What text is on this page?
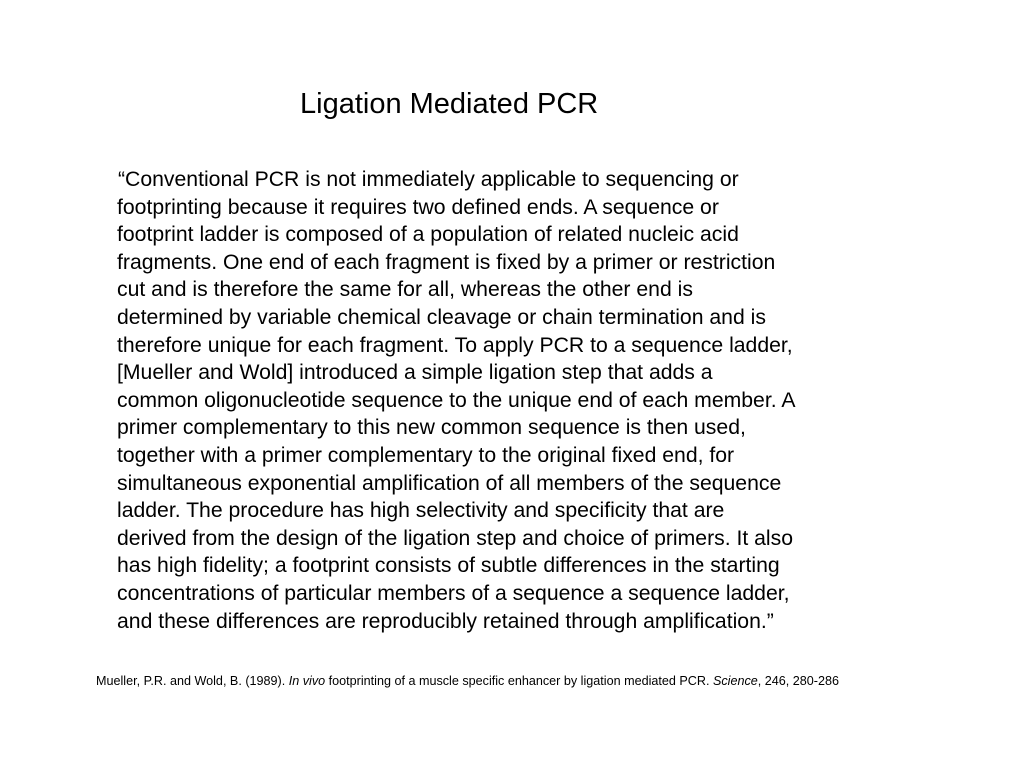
Ligation Mediated PCR
“Conventional PCR is not immediately applicable to sequencing or
footprinting because it requires two defined ends. A sequence or
footprint ladder is composed of a population of related nucleic acid
fragments. One end of each fragment is fixed by a primer or restriction
cut and is therefore the same for all, whereas the other end is
determined by variable chemical cleavage or chain termination and is
therefore unique for each fragment. To apply PCR to a sequence ladder,
[Mueller and Wold] introduced a simple ligation step that adds a
common oligonucleotide sequence to the unique end of each member. A
primer complementary to this new common sequence is then used,
together with a primer complementary to the original fixed end, for
simultaneous exponential amplification of all members of the sequence
ladder. The procedure has high selectivity and specificity that are
derived from the design of the ligation step and choice of primers. It also
has high fidelity; a footprint consists of subtle differences in the starting
concentrations of particular members of a sequence a sequence ladder,
and these differences are reproducibly retained through amplification.”

Mueller, P.R. and Wold, B. (1989). In vivo footprinting of a muscle specific enhancer by ligation mediated PCR. Science, 246, 280-286
